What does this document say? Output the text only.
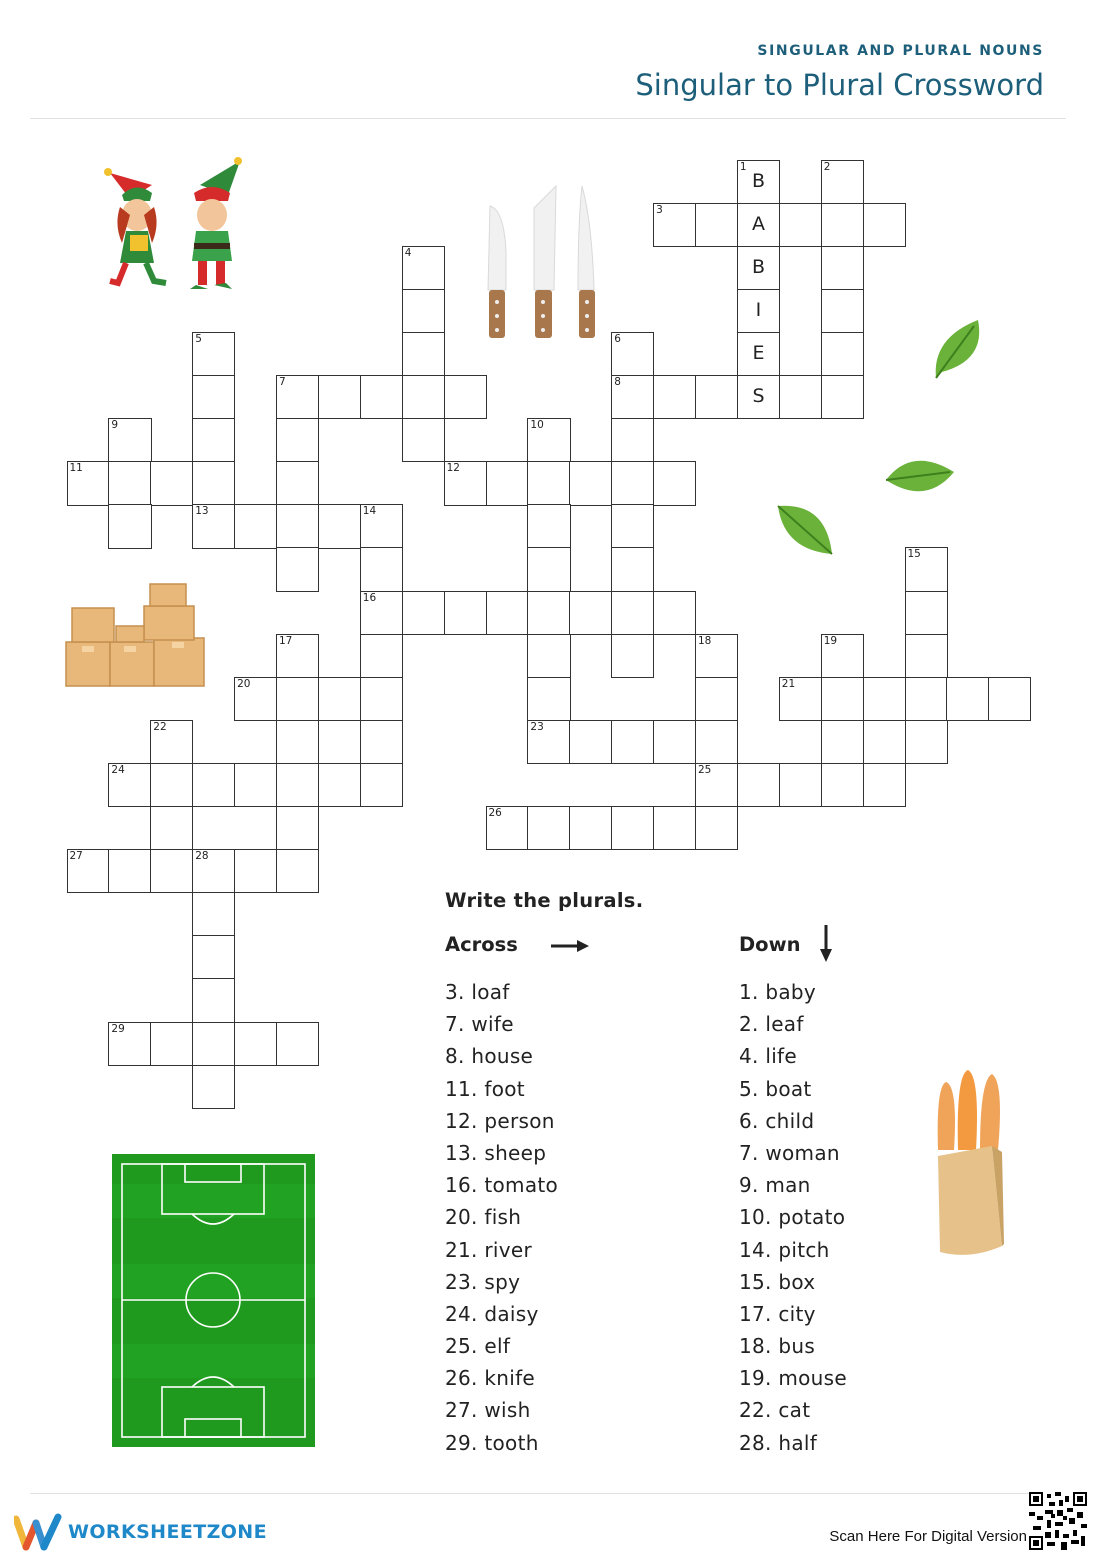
SINGULAR AND PLURAL NOUNS
Singular to Plural Crossword
1
B
2
3
A
4
B
I
5	6
E
7	8
S
9	10
11	12
13	14
15
16
17	18	19
20	21
22	23
24	25
26
27	28
29
Write the plurals.
Across	Down
3. loaf
7. wife
8. house
11. foot
12. person
13. sheep
16. tomato
20. fish
21. river
23. spy
24. daisy
25. elf
26. knife
27. wish
29. tooth
1. baby
2. leaf
4. life
5. boat
6. child
7. woman
9. man
10. potato
14. pitch
15. box
17. city
18. bus
19. mouse
22. cat
28. half
WORKSHEETZONE	Scan Here For Digital Version
